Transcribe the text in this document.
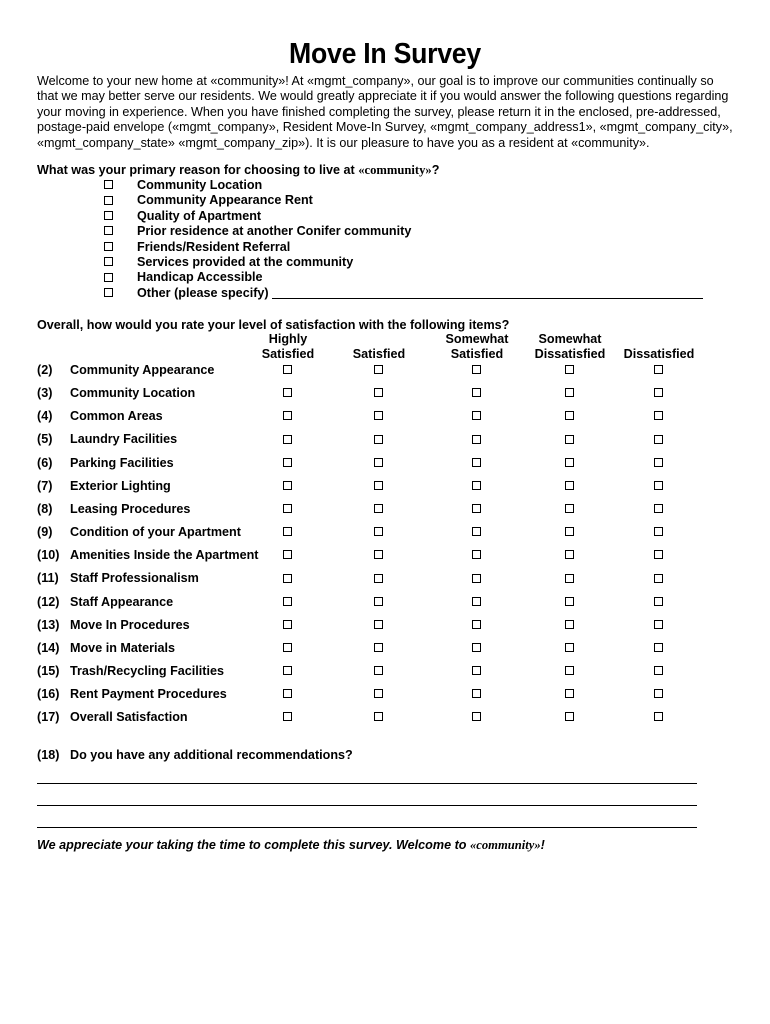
Move In Survey
Welcome to your new home at «community»! At «mgmt_company», our goal is to improve our communities continually so that we may better serve our residents. We would greatly appreciate it if you would answer the following questions regarding your moving in experience. When you have finished completing the survey, please return it in the enclosed, pre-addressed, postage-paid envelope («mgmt_company», Resident Move-In Survey, «mgmt_company_address1», «mgmt_company_city», «mgmt_company_state» «mgmt_company_zip»). It is our pleasure to have you as a resident at «community».
What was your primary reason for choosing to live at «community»?
Community Location
Community Appearance Rent
Quality of Apartment
Prior residence at another Conifer community
Friends/Resident Referral
Services provided at the community
Handicap Accessible
Other (please specify)
Overall, how would you rate your level of satisfaction with the following items?
Highly
Satisfied	Satisfied
Somewhat
Satisfied
Somewhat
Dissatisfied	Dissatisfied
(2) Community Appearance
(3) Community Location
(4) Common Areas
(5) Laundry Facilities
(6) Parking Facilities
(7) Exterior Lighting
(8) Leasing Procedures
(9) Condition of your Apartment
(10) Amenities Inside the Apartment
(11) Staff Professionalism
(12) Staff Appearance
(13) Move In Procedures
(14) Move in Materials
(15) Trash/Recycling Facilities
(16) Rent Payment Procedures
(17) Overall Satisfaction
(18) Do you have any additional recommendations?
We appreciate your taking the time to complete this survey. Welcome to «community»!
